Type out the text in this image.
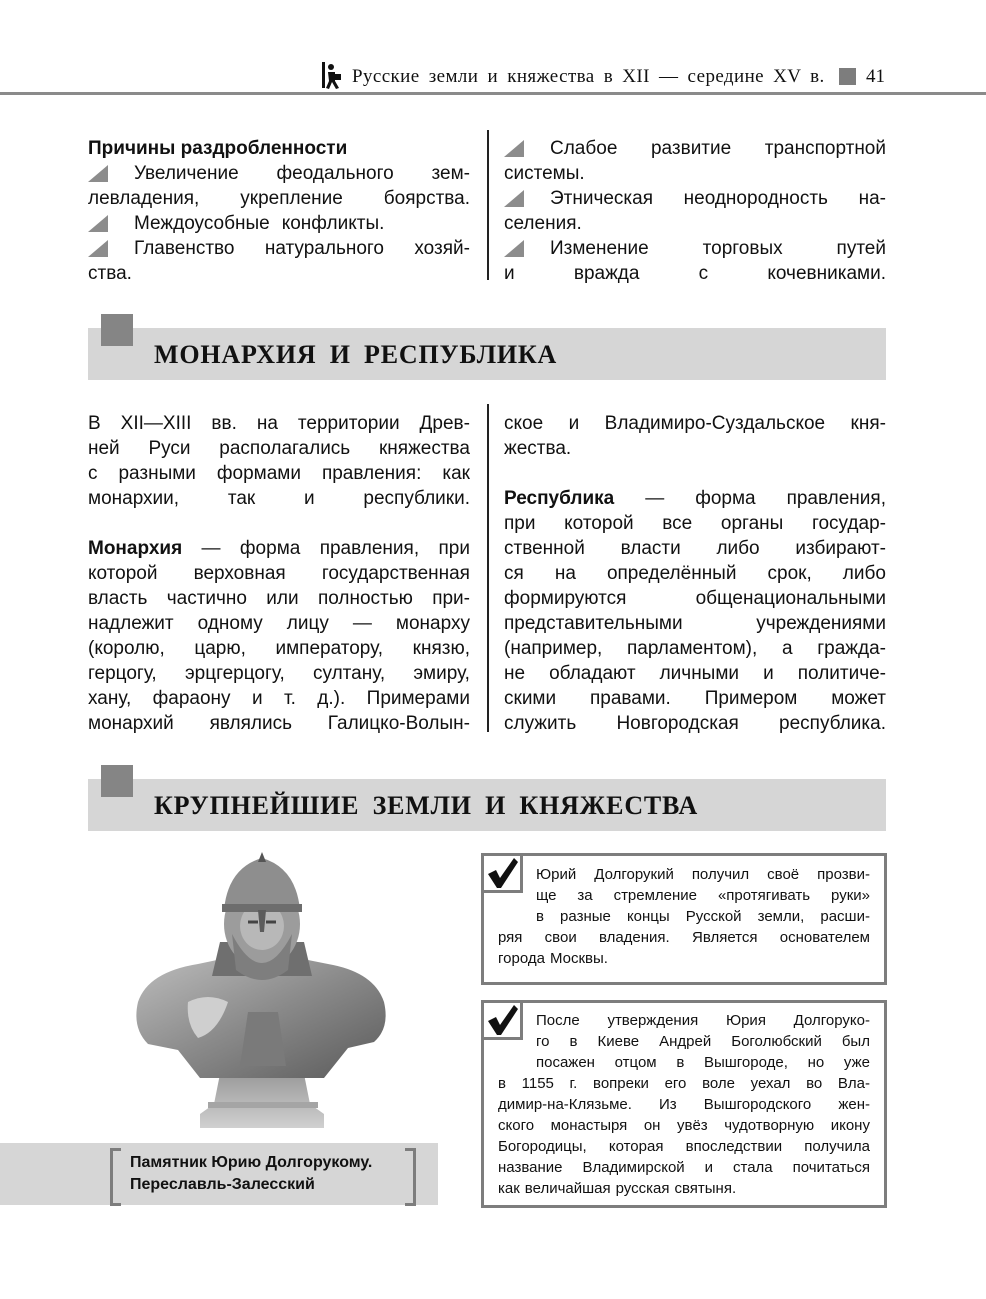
Русские земли и княжества в XII — середине XV в. 41
Причины раздробленности
Увеличение феодального зем-
левладения, укрепление боярства.
Междоусобные конфликты.
Главенство натурального хозяй-
ства.
Слабое развитие транспортной
системы.
Этническая неоднородность на-
селения.
Изменение	торговых	путей
и	вражда	с	кочевниками.
МОНАРХИЯ И РЕСПУБЛИКА
В XII—XIII вв. на территории Древ-
ней Руси располагались княжества
с разными формами правления: как
монархии,	так	и	республики.
Монархия — форма правления, при
которой верховная государственная
власть частично или полностью при-
надлежит одному лицу — монарху
(королю, царю, императору, князю,
герцогу, эрцгерцогу, султану, эмиру,
хану, фараону и т. д.). Примерами
монархий являлись Галицко-Волын-
ское и Владимиро-Суздальское кня-
жества.
Республика — форма правления,
при которой все органы государ-
ственной власти либо избирают-
ся на определённый срок, либо
формируются	общенациональными
представительными	учреждениями
(например, парламентом), а гражда-
не обладают личными и политиче-
скими правами. Примером может
служить Новгородская республика.
КРУПНЕЙШИЕ ЗЕМЛИ И КНЯЖЕСТВА
Памятник Юрию Долгорукому.
Переславль-Залесский
Юрий Долгорукий получил своё прозви-
ще за стремление «протягивать руки»
в разные концы Русской земли, расши-
ряя свои владения. Является основателем
города Москвы.
После утверждения Юрия Долгоруко-
го в Киеве Андрей Боголюбский был
посажен отцом в Вышгороде, но уже
в 1155 г. вопреки его воле уехал во Вла-
димир-на-Клязьме. Из Вышгородского жен-
ского монастыря он увёз чудотворную икону
Богородицы, которая впоследствии получила
название Владимирской и стала почитаться
как величайшая русская святыня.
